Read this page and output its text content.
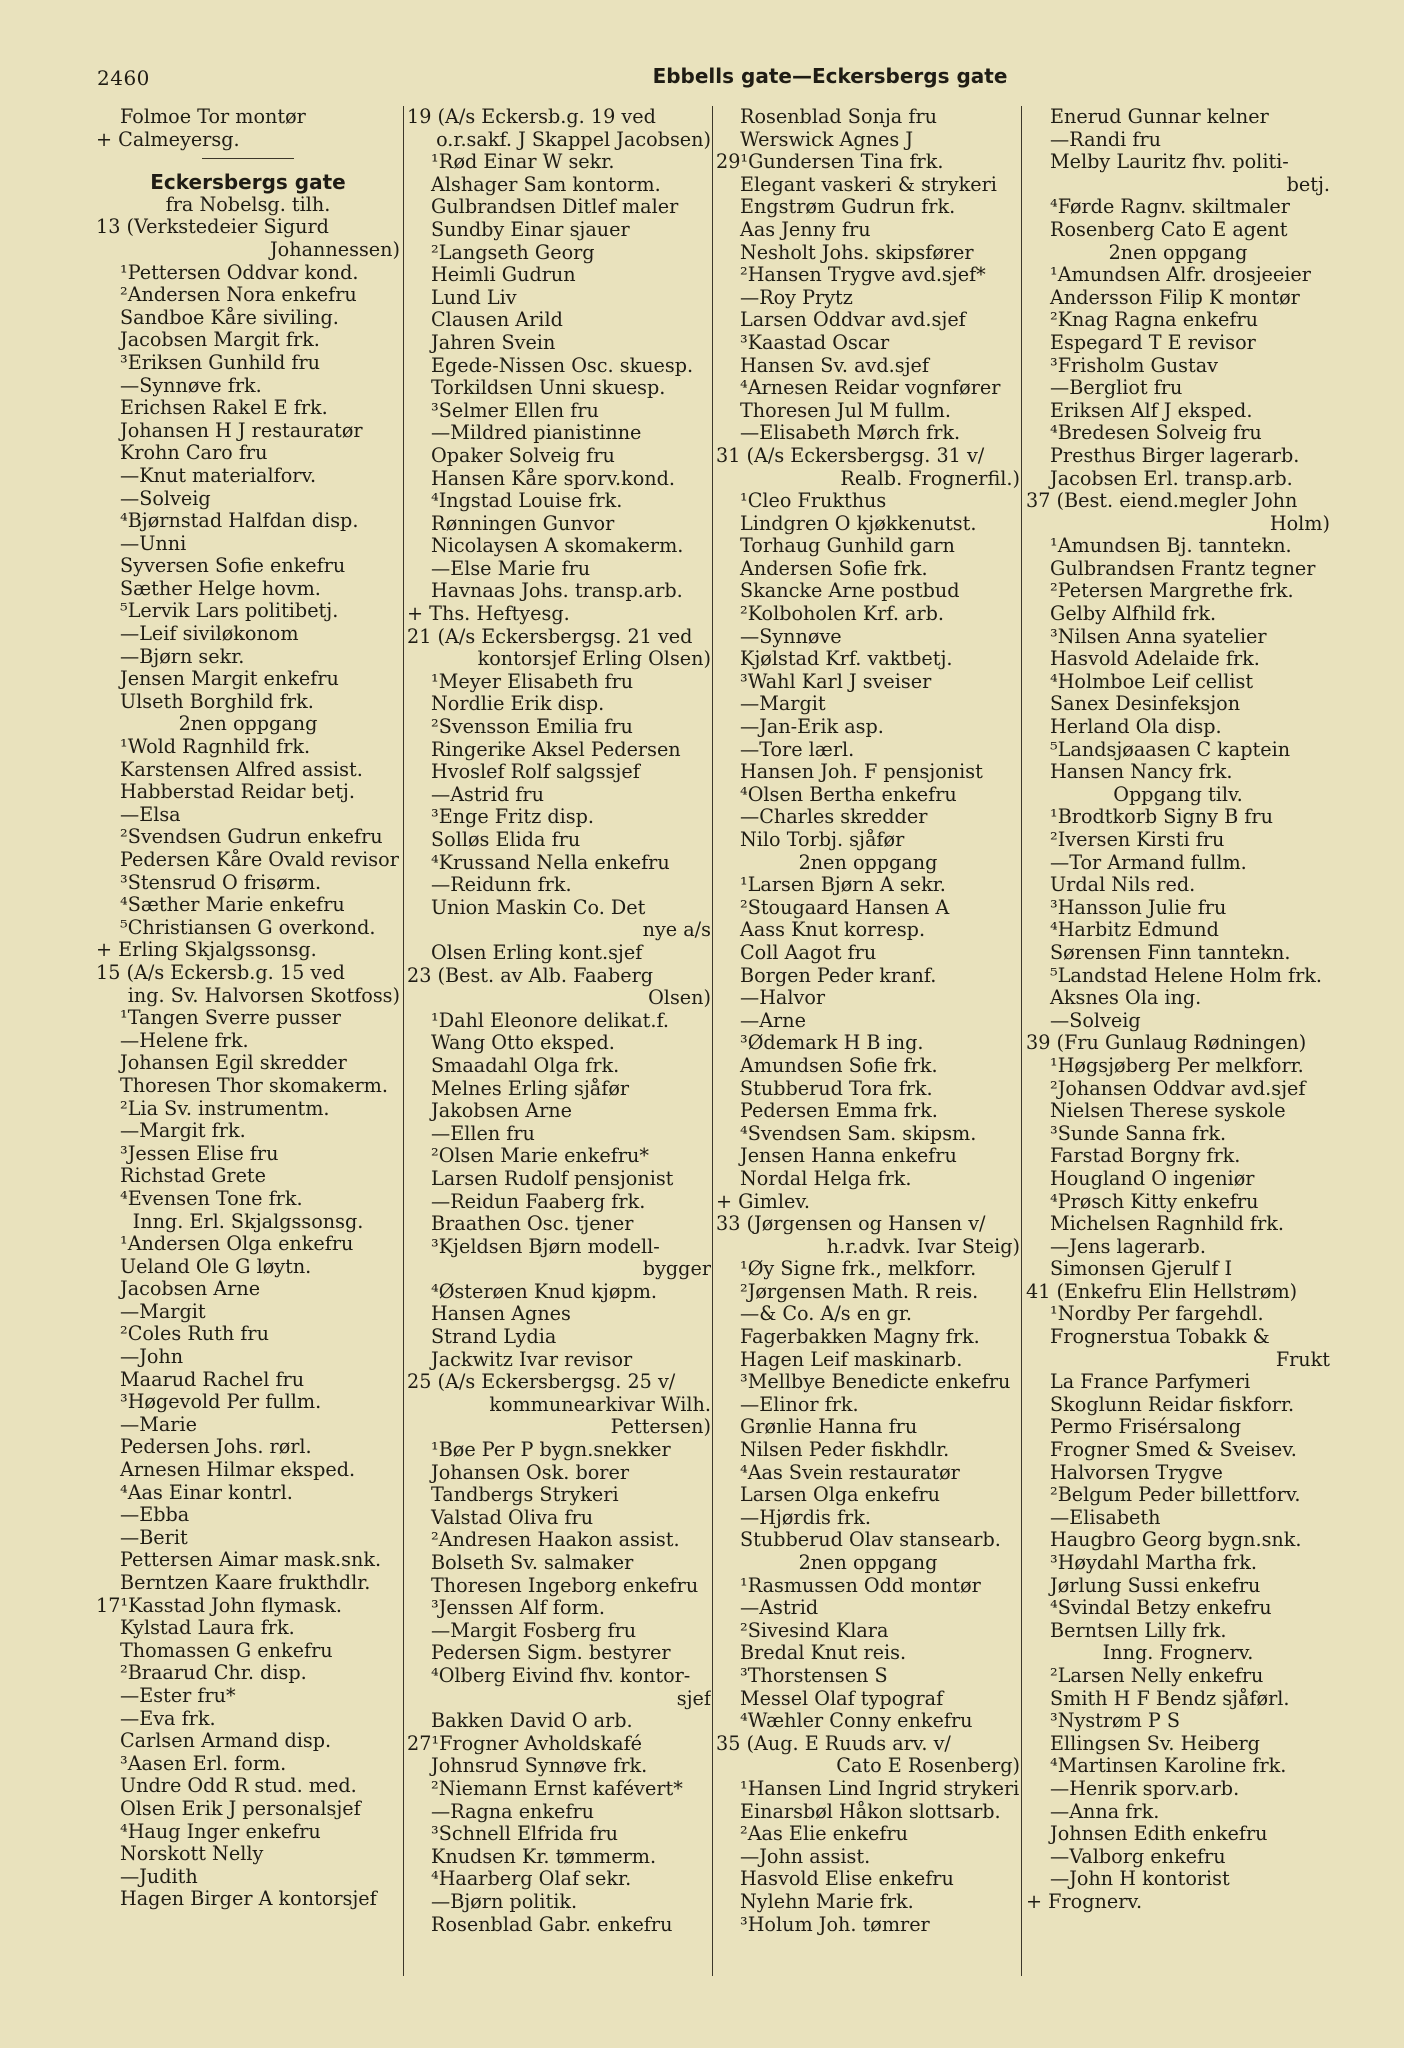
2460	Ebbells gate—Eckersbergs gate
Folmoe Tor montør
+ Calmeyersg.
Eckersbergs gate
fra Nobelsg. tilh.
13 (Verkstedeier Sigurd
Johannessen)
¹Pettersen Oddvar kond.
²Andersen Nora enkefru
Sandboe Kåre siviling.
Jacobsen Margit frk.
³Eriksen Gunhild fru
—Synnøve frk.
Erichsen Rakel E frk.
Johansen H J restauratør
Krohn Caro fru
—Knut materialforv.
—Solveig
⁴Bjørnstad Halfdan disp.
—Unni
Syversen Sofie enkefru
Sæther Helge hovm.
⁵Lervik Lars politibetj.
—Leif siviløkonom
—Bjørn sekr.
Jensen Margit enkefru
Ulseth Borghild frk.
2nen oppgang
¹Wold Ragnhild frk.
Karstensen Alfred assist.
Habberstad Reidar betj.
—Elsa
²Svendsen Gudrun enkefru
Pedersen Kåre Ovald revisor
³Stensrud O frisørm.
⁴Sæther Marie enkefru
⁵Christiansen G overkond.
+ Erling Skjalgssonsg.
15 (A/s Eckersb.g. 15 ved
ing. Sv. Halvorsen Skotfoss)
¹Tangen Sverre pusser
—Helene frk.
Johansen Egil skredder
Thoresen Thor skomakerm.
²Lia Sv. instrumentm.
—Margit frk.
³Jessen Elise fru
Richstad Grete
⁴Evensen Tone frk.
Inng. Erl. Skjalgssonsg.
¹Andersen Olga enkefru
Ueland Ole G løytn.
Jacobsen Arne
—Margit
²Coles Ruth fru
—John
Maarud Rachel fru
³Høgevold Per fullm.
—Marie
Pedersen Johs. rørl.
Arnesen Hilmar eksped.
⁴Aas Einar kontrl.
—Ebba
—Berit
Pettersen Aimar mask.snk.
Berntzen Kaare frukthdlr.
17¹Kasstad John flymask.
Kylstad Laura frk.
Thomassen G enkefru
²Braarud Chr. disp.
—Ester fru*
—Eva frk.
Carlsen Armand disp.
³Aasen Erl. form.
Undre Odd R stud. med.
Olsen Erik J personalsjef
⁴Haug Inger enkefru
Norskott Nelly
—Judith
Hagen Birger A kontorsjef
19 (A/s Eckersb.g. 19 ved
o.r.sakf. J Skappel Jacobsen)
¹Rød Einar W sekr.
Alshager Sam kontorm.
Gulbrandsen Ditlef maler
Sundby Einar sjauer
²Langseth Georg
Heimli Gudrun
Lund Liv
Clausen Arild
Jahren Svein
Egede-Nissen Osc. skuesp.
Torkildsen Unni skuesp.
³Selmer Ellen fru
—Mildred pianistinne
Opaker Solveig fru
Hansen Kåre sporv.kond.
⁴Ingstad Louise frk.
Rønningen Gunvor
Nicolaysen A skomakerm.
—Else Marie fru
Havnaas Johs. transp.arb.
+ Ths. Heftyesg.
21 (A/s Eckersbergsg. 21 ved
kontorsjef Erling Olsen)
¹Meyer Elisabeth fru
Nordlie Erik disp.
²Svensson Emilia fru
Ringerike Aksel Pedersen
Hvoslef Rolf salgssjef
—Astrid fru
³Enge Fritz disp.
Solløs Elida fru
⁴Krussand Nella enkefru
—Reidunn frk.
Union Maskin Co. Det
nye a/s
Olsen Erling kont.sjef
23 (Best. av Alb. Faaberg
Olsen)
¹Dahl Eleonore delikat.f.
Wang Otto eksped.
Smaadahl Olga frk.
Melnes Erling sjåfør
Jakobsen Arne
—Ellen fru
²Olsen Marie enkefru*
Larsen Rudolf pensjonist
—Reidun Faaberg frk.
Braathen Osc. tjener
³Kjeldsen Bjørn modell-
bygger
⁴Østerøen Knud kjøpm.
Hansen Agnes
Strand Lydia
Jackwitz Ivar revisor
25 (A/s Eckersbergsg. 25 v/
kommunearkivar Wilh.
Pettersen)
¹Bøe Per P bygn.snekker
Johansen Osk. borer
Tandbergs Strykeri
Valstad Oliva fru
²Andresen Haakon assist.
Bolseth Sv. salmaker
Thoresen Ingeborg enkefru
³Jenssen Alf form.
—Margit Fosberg fru
Pedersen Sigm. bestyrer
⁴Olberg Eivind fhv. kontor-
sjef
Bakken David O arb.
27¹Frogner Avholdskafé
Johnsrud Synnøve frk.
²Niemann Ernst kafévert*
—Ragna enkefru
³Schnell Elfrida fru
Knudsen Kr. tømmerm.
⁴Haarberg Olaf sekr.
—Bjørn politik.
Rosenblad Gabr. enkefru
Rosenblad Sonja fru
Werswick Agnes J
29¹Gundersen Tina frk.
Elegant vaskeri & strykeri
Engstrøm Gudrun frk.
Aas Jenny fru
Nesholt Johs. skipsfører
²Hansen Trygve avd.sjef*
—Roy Prytz
Larsen Oddvar avd.sjef
³Kaastad Oscar
Hansen Sv. avd.sjef
⁴Arnesen Reidar vognfører
Thoresen Jul M fullm.
—Elisabeth Mørch frk.
31 (A/s Eckersbergsg. 31 v/
Realb. Frognerfil.)
¹Cleo Frukthus
Lindgren O kjøkkenutst.
Torhaug Gunhild garn
Andersen Sofie frk.
Skancke Arne postbud
²Kolboholen Krf. arb.
—Synnøve
Kjølstad Krf. vaktbetj.
³Wahl Karl J sveiser
—Margit
—Jan-Erik asp.
—Tore lærl.
Hansen Joh. F pensjonist
⁴Olsen Bertha enkefru
—Charles skredder
Nilo Torbj. sjåfør
2nen oppgang
¹Larsen Bjørn A sekr.
²Stougaard Hansen A
Aass Knut korresp.
Coll Aagot fru
Borgen Peder kranf.
—Halvor
—Arne
³Ødemark H B ing.
Amundsen Sofie frk.
Stubberud Tora frk.
Pedersen Emma frk.
⁴Svendsen Sam. skipsm.
Jensen Hanna enkefru
Nordal Helga frk.
+ Gimlev.
33 (Jørgensen og Hansen v/
h.r.advk. Ivar Steig)
¹Øy Signe frk., melkforr.
²Jørgensen Math. R reis.
—& Co. A/s en gr.
Fagerbakken Magny frk.
Hagen Leif maskinarb.
³Mellbye Benedicte enkefru
—Elinor frk.
Grønlie Hanna fru
Nilsen Peder fiskhdlr.
⁴Aas Svein restauratør
Larsen Olga enkefru
—Hjørdis frk.
Stubberud Olav stansearb.
2nen oppgang
¹Rasmussen Odd montør
—Astrid
²Sivesind Klara
Bredal Knut reis.
³Thorstensen S
Messel Olaf typograf
⁴Wæhler Conny enkefru
35 (Aug. E Ruuds arv. v/
Cato E Rosenberg)
¹Hansen Lind Ingrid strykeri
Einarsbøl Håkon slottsarb.
²Aas Elie enkefru
—John assist.
Hasvold Elise enkefru
Nylehn Marie frk.
³Holum Joh. tømrer
Enerud Gunnar kelner
—Randi fru
Melby Lauritz fhv. politi-
betj.
⁴Førde Ragnv. skiltmaler
Rosenberg Cato E agent
2nen oppgang
¹Amundsen Alfr. drosjeeier
Andersson Filip K montør
²Knag Ragna enkefru
Espegard T E revisor
³Frisholm Gustav
—Bergliot fru
Eriksen Alf J eksped.
⁴Bredesen Solveig fru
Presthus Birger lagerarb.
Jacobsen Erl. transp.arb.
37 (Best. eiend.megler John
Holm)
¹Amundsen Bj. tanntekn.
Gulbrandsen Frantz tegner
²Petersen Margrethe frk.
Gelby Alfhild frk.
³Nilsen Anna syatelier
Hasvold Adelaide frk.
⁴Holmboe Leif cellist
Sanex Desinfeksjon
Herland Ola disp.
⁵Landsjøaasen C kaptein
Hansen Nancy frk.
Oppgang tilv.
¹Brodtkorb Signy B fru
²Iversen Kirsti fru
—Tor Armand fullm.
Urdal Nils red.
³Hansson Julie fru
⁴Harbitz Edmund
Sørensen Finn tanntekn.
⁵Landstad Helene Holm frk.
Aksnes Ola ing.
—Solveig
39 (Fru Gunlaug Rødningen)
¹Høgsjøberg Per melkforr.
²Johansen Oddvar avd.sjef
Nielsen Therese syskole
³Sunde Sanna frk.
Farstad Borgny frk.
Hougland O ingeniør
⁴Prøsch Kitty enkefru
Michelsen Ragnhild frk.
—Jens lagerarb.
Simonsen Gjerulf I
41 (Enkefru Elin Hellstrøm)
¹Nordby Per fargehdl.
Frognerstua Tobakk &
Frukt
La France Parfymeri
Skoglunn Reidar fiskforr.
Permo Frisérsalong
Frogner Smed & Sveisev.
Halvorsen Trygve
²Belgum Peder billettforv.
—Elisabeth
Haugbro Georg bygn.snk.
³Høydahl Martha frk.
Jørlung Sussi enkefru
⁴Svindal Betzy enkefru
Berntsen Lilly frk.
Inng. Frognerv.
²Larsen Nelly enkefru
Smith H F Bendz sjåførl.
³Nystrøm P S
Ellingsen Sv. Heiberg
⁴Martinsen Karoline frk.
—Henrik sporv.arb.
—Anna frk.
Johnsen Edith enkefru
—Valborg enkefru
—John H kontorist
+ Frognerv.
